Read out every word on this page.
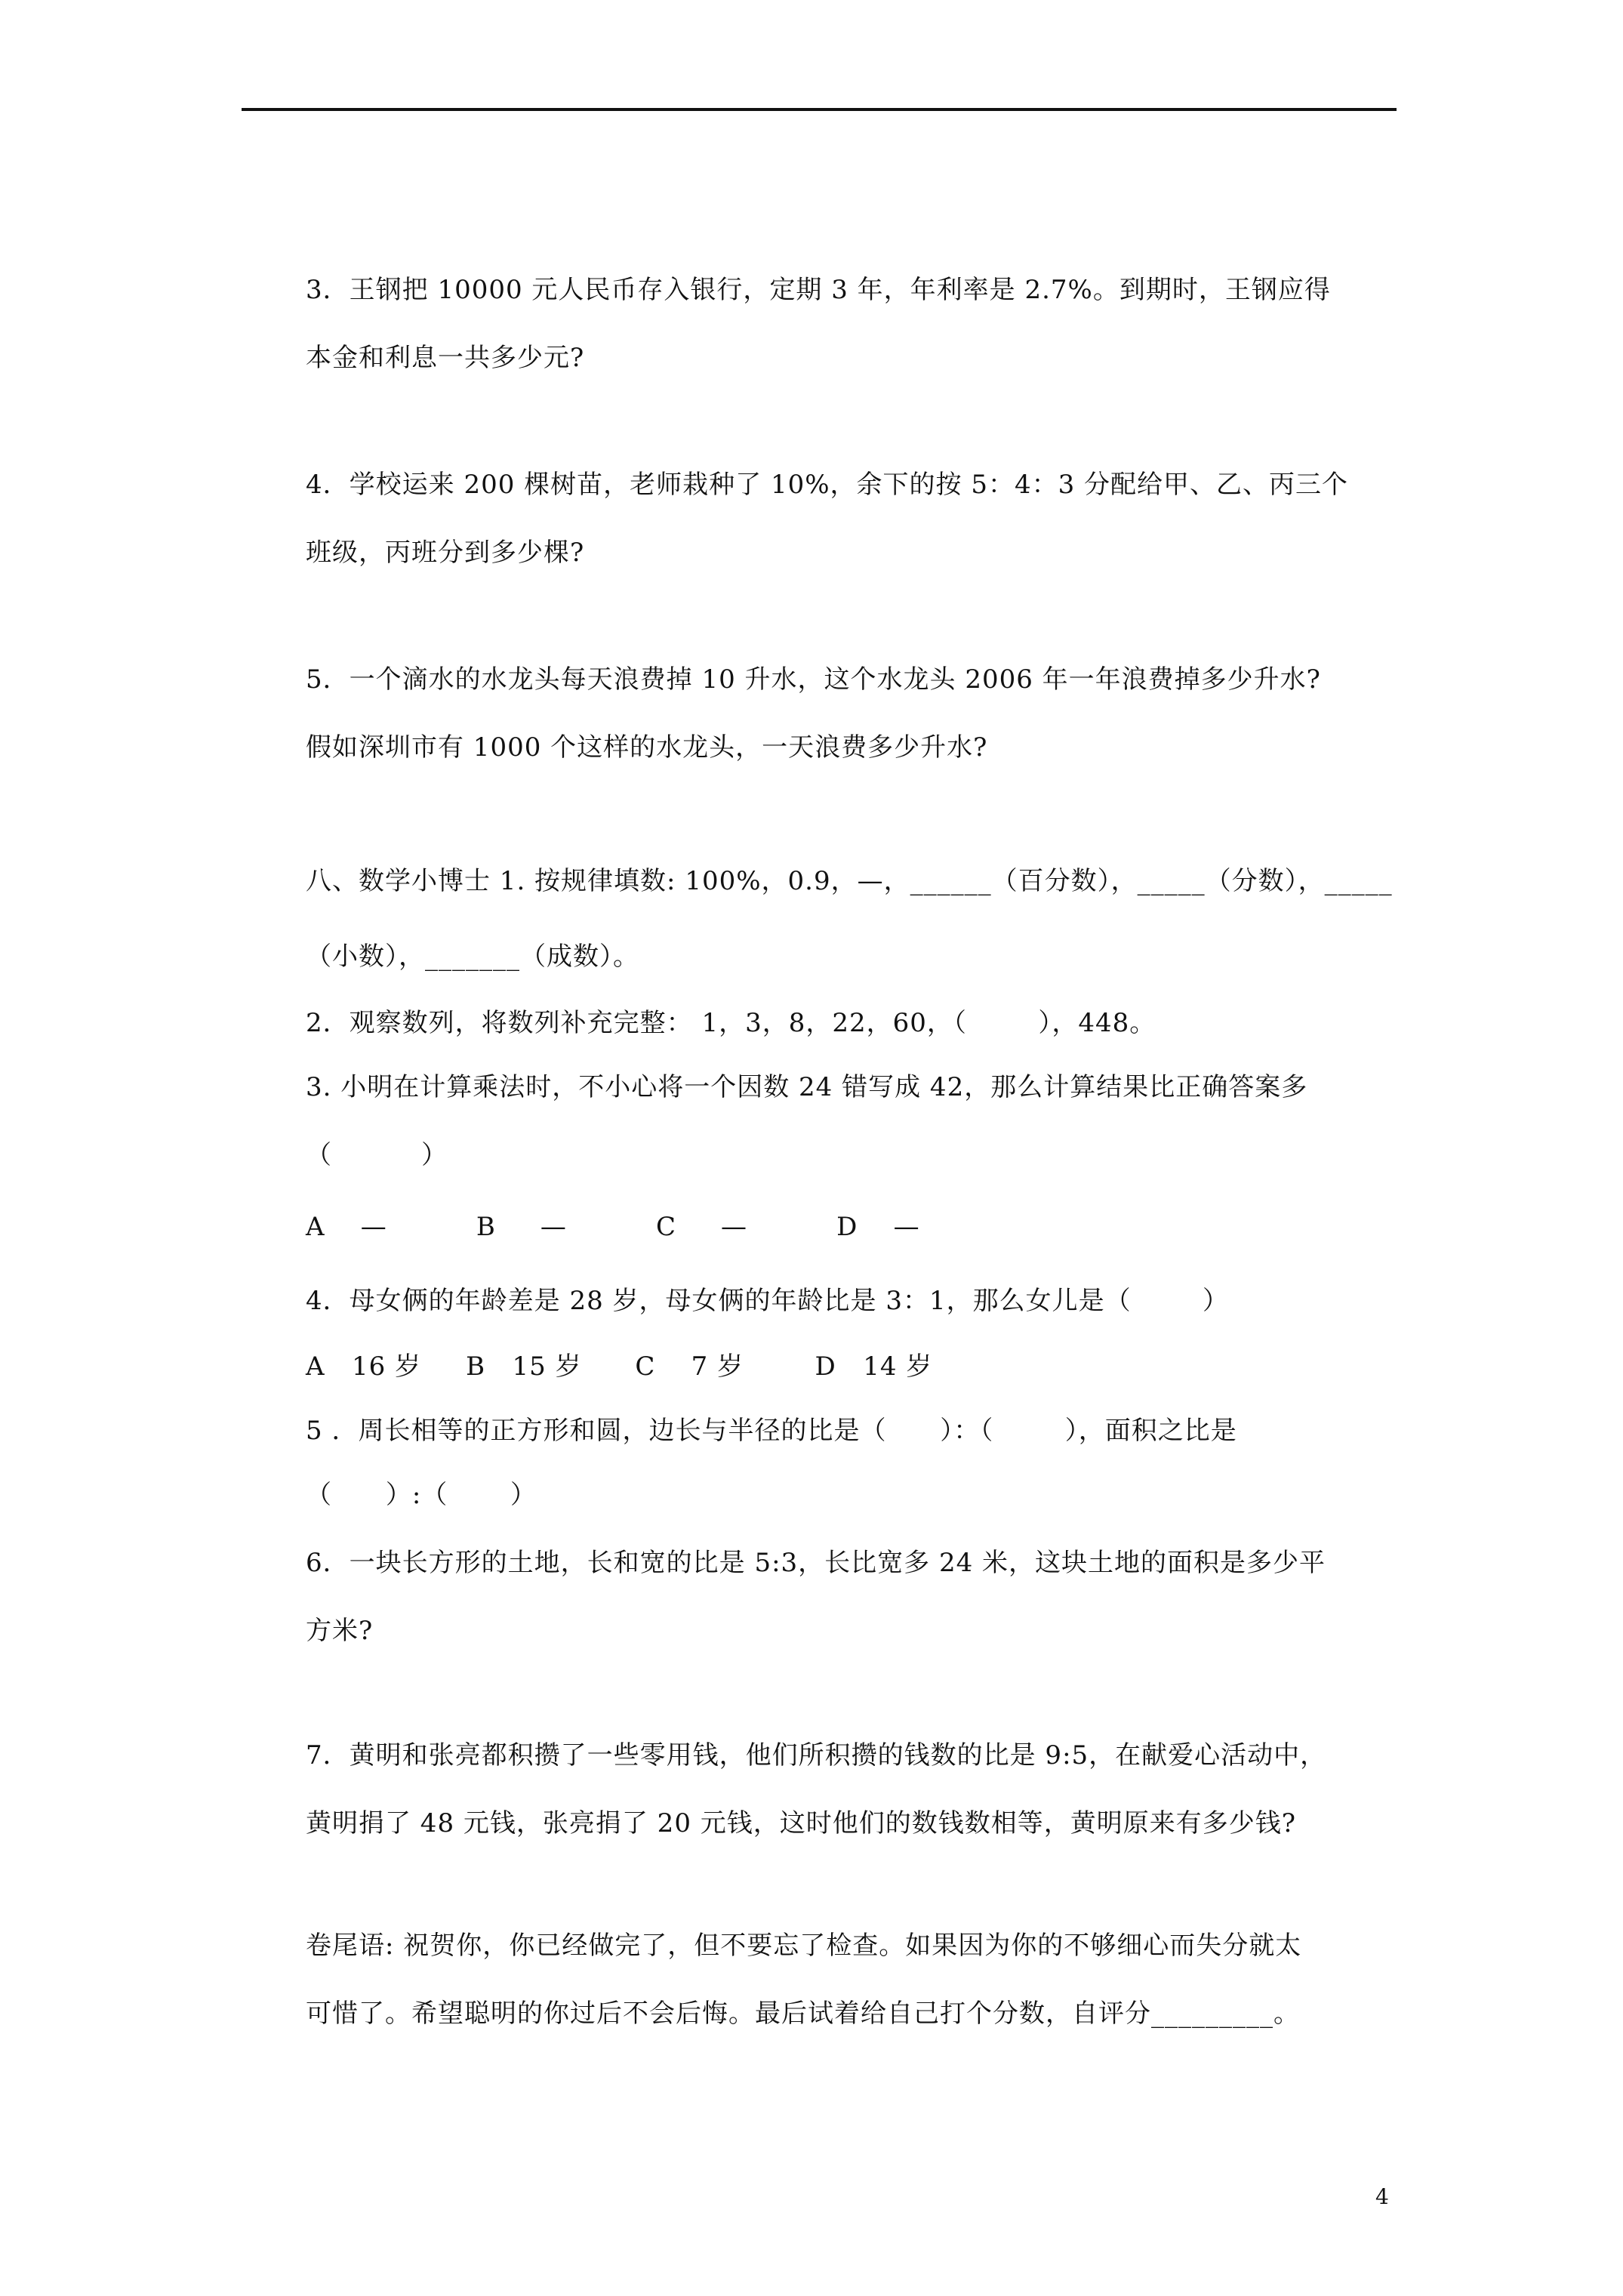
3．王钢把 10000 元人民币存入银行，定期 3 年，年利率是 2.7%。到期时，王钢应得
本金和利息一共多少元?
4．学校运来 200 棵树苗，老师栽种了 10%，余下的按 5：4：3 分配给甲、乙、丙三个
班级，丙班分到多少棵?
5．一个滴水的水龙头每天浪费掉 10 升水，这个水龙头 2006 年一年浪费掉多少升水?
假如深圳市有 1000 个这样的水龙头，一天浪费多少升水?
八、数学小博士 1. 按规律填数: 100%，0.9，—，______（百分数），_____（分数），_____
（小数），_______（成数）。
2．观察数列，将数列补充完整： 1，3，8，22，60，（        ），448。
3. 小明在计算乘法时，不小心将一个因数 24 错写成 42，那么计算结果比正确答案多
（          ）
A    —          B     —          C     —          D    —
4．母女俩的年龄差是 28 岁，母女俩的年龄比是 3：1，那么女儿是（        ）
A   16 岁     B   15 岁      C    7 岁        D   14 岁
5 ．周长相等的正方形和圆，边长与半径的比是（      ）：（        ），面积之比是
（      ）:（       ）
6．一块长方形的土地，长和宽的比是 5:3，长比宽多 24 米，这块土地的面积是多少平
方米?
7．黄明和张亮都积攒了一些零用钱，他们所积攒的钱数的比是 9:5，在献爱心活动中，
黄明捐了 48 元钱，张亮捐了 20 元钱，这时他们的数钱数相等，黄明原来有多少钱?
卷尾语: 祝贺你，你已经做完了，但不要忘了检查。如果因为你的不够细心而失分就太
可惜了。希望聪明的你过后不会后悔。最后试着给自己打个分数，自评分_________。
4
